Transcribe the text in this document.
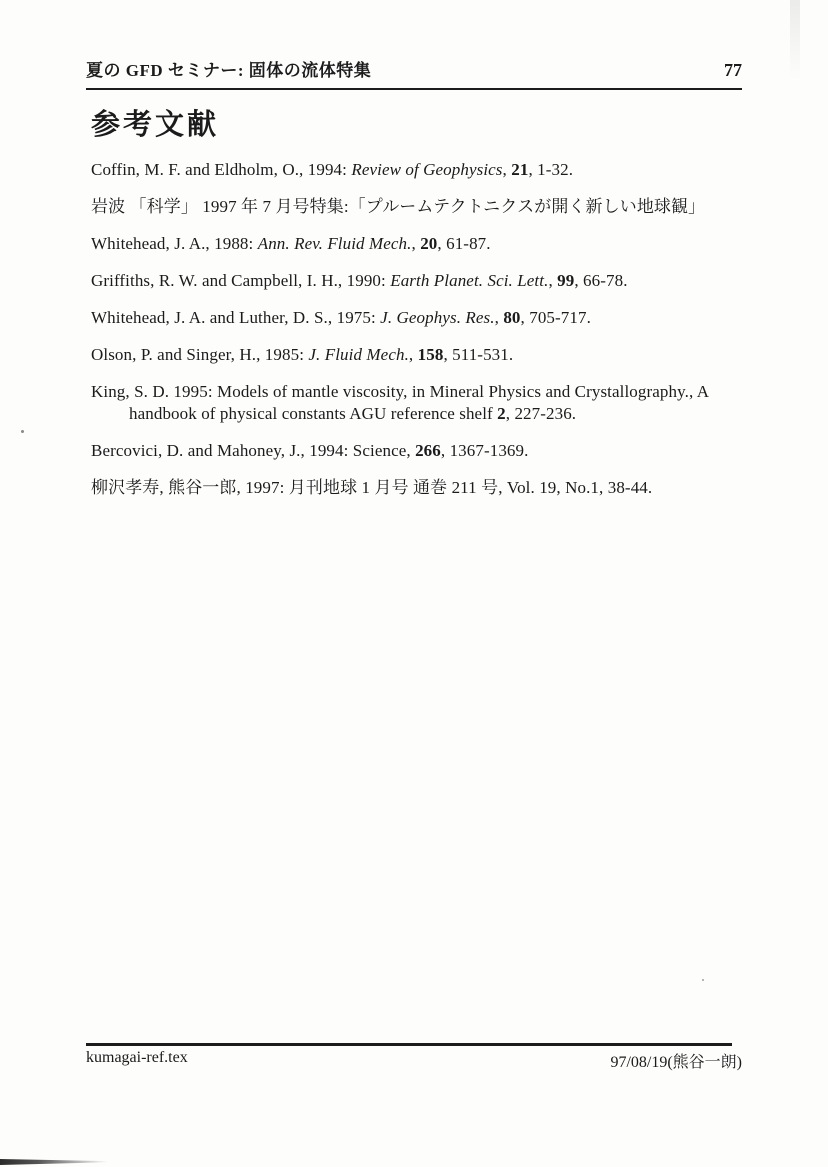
夏の GFD セミナー: 固体の流体特集	77
参考文献
Coffin, M. F. and Eldholm, O., 1994: Review of Geophysics, 21, 1-32.
岩波 「科学」 1997 年 7 月号特集:「プルームテクトニクスが開く新しい地球観」
Whitehead, J. A., 1988: Ann. Rev. Fluid Mech., 20, 61-87.
Griffiths, R. W. and Campbell, I. H., 1990: Earth Planet. Sci. Lett., 99, 66-78.
Whitehead, J. A. and Luther, D. S., 1975: J. Geophys. Res., 80, 705-717.
Olson, P. and Singer, H., 1985: J. Fluid Mech., 158, 511-531.
King, S. D. 1995: Models of mantle viscosity, in Mineral Physics and Crystallography., A handbook of physical constants AGU reference shelf 2, 227-236.
Bercovici, D. and Mahoney, J., 1994: Science, 266, 1367-1369.
柳沢孝寿, 熊谷一郎, 1997: 月刊地球 1 月号 通巻 211 号, Vol. 19, No.1, 38-44.
kumagai-ref.tex	97/08/19(熊谷一朗)
